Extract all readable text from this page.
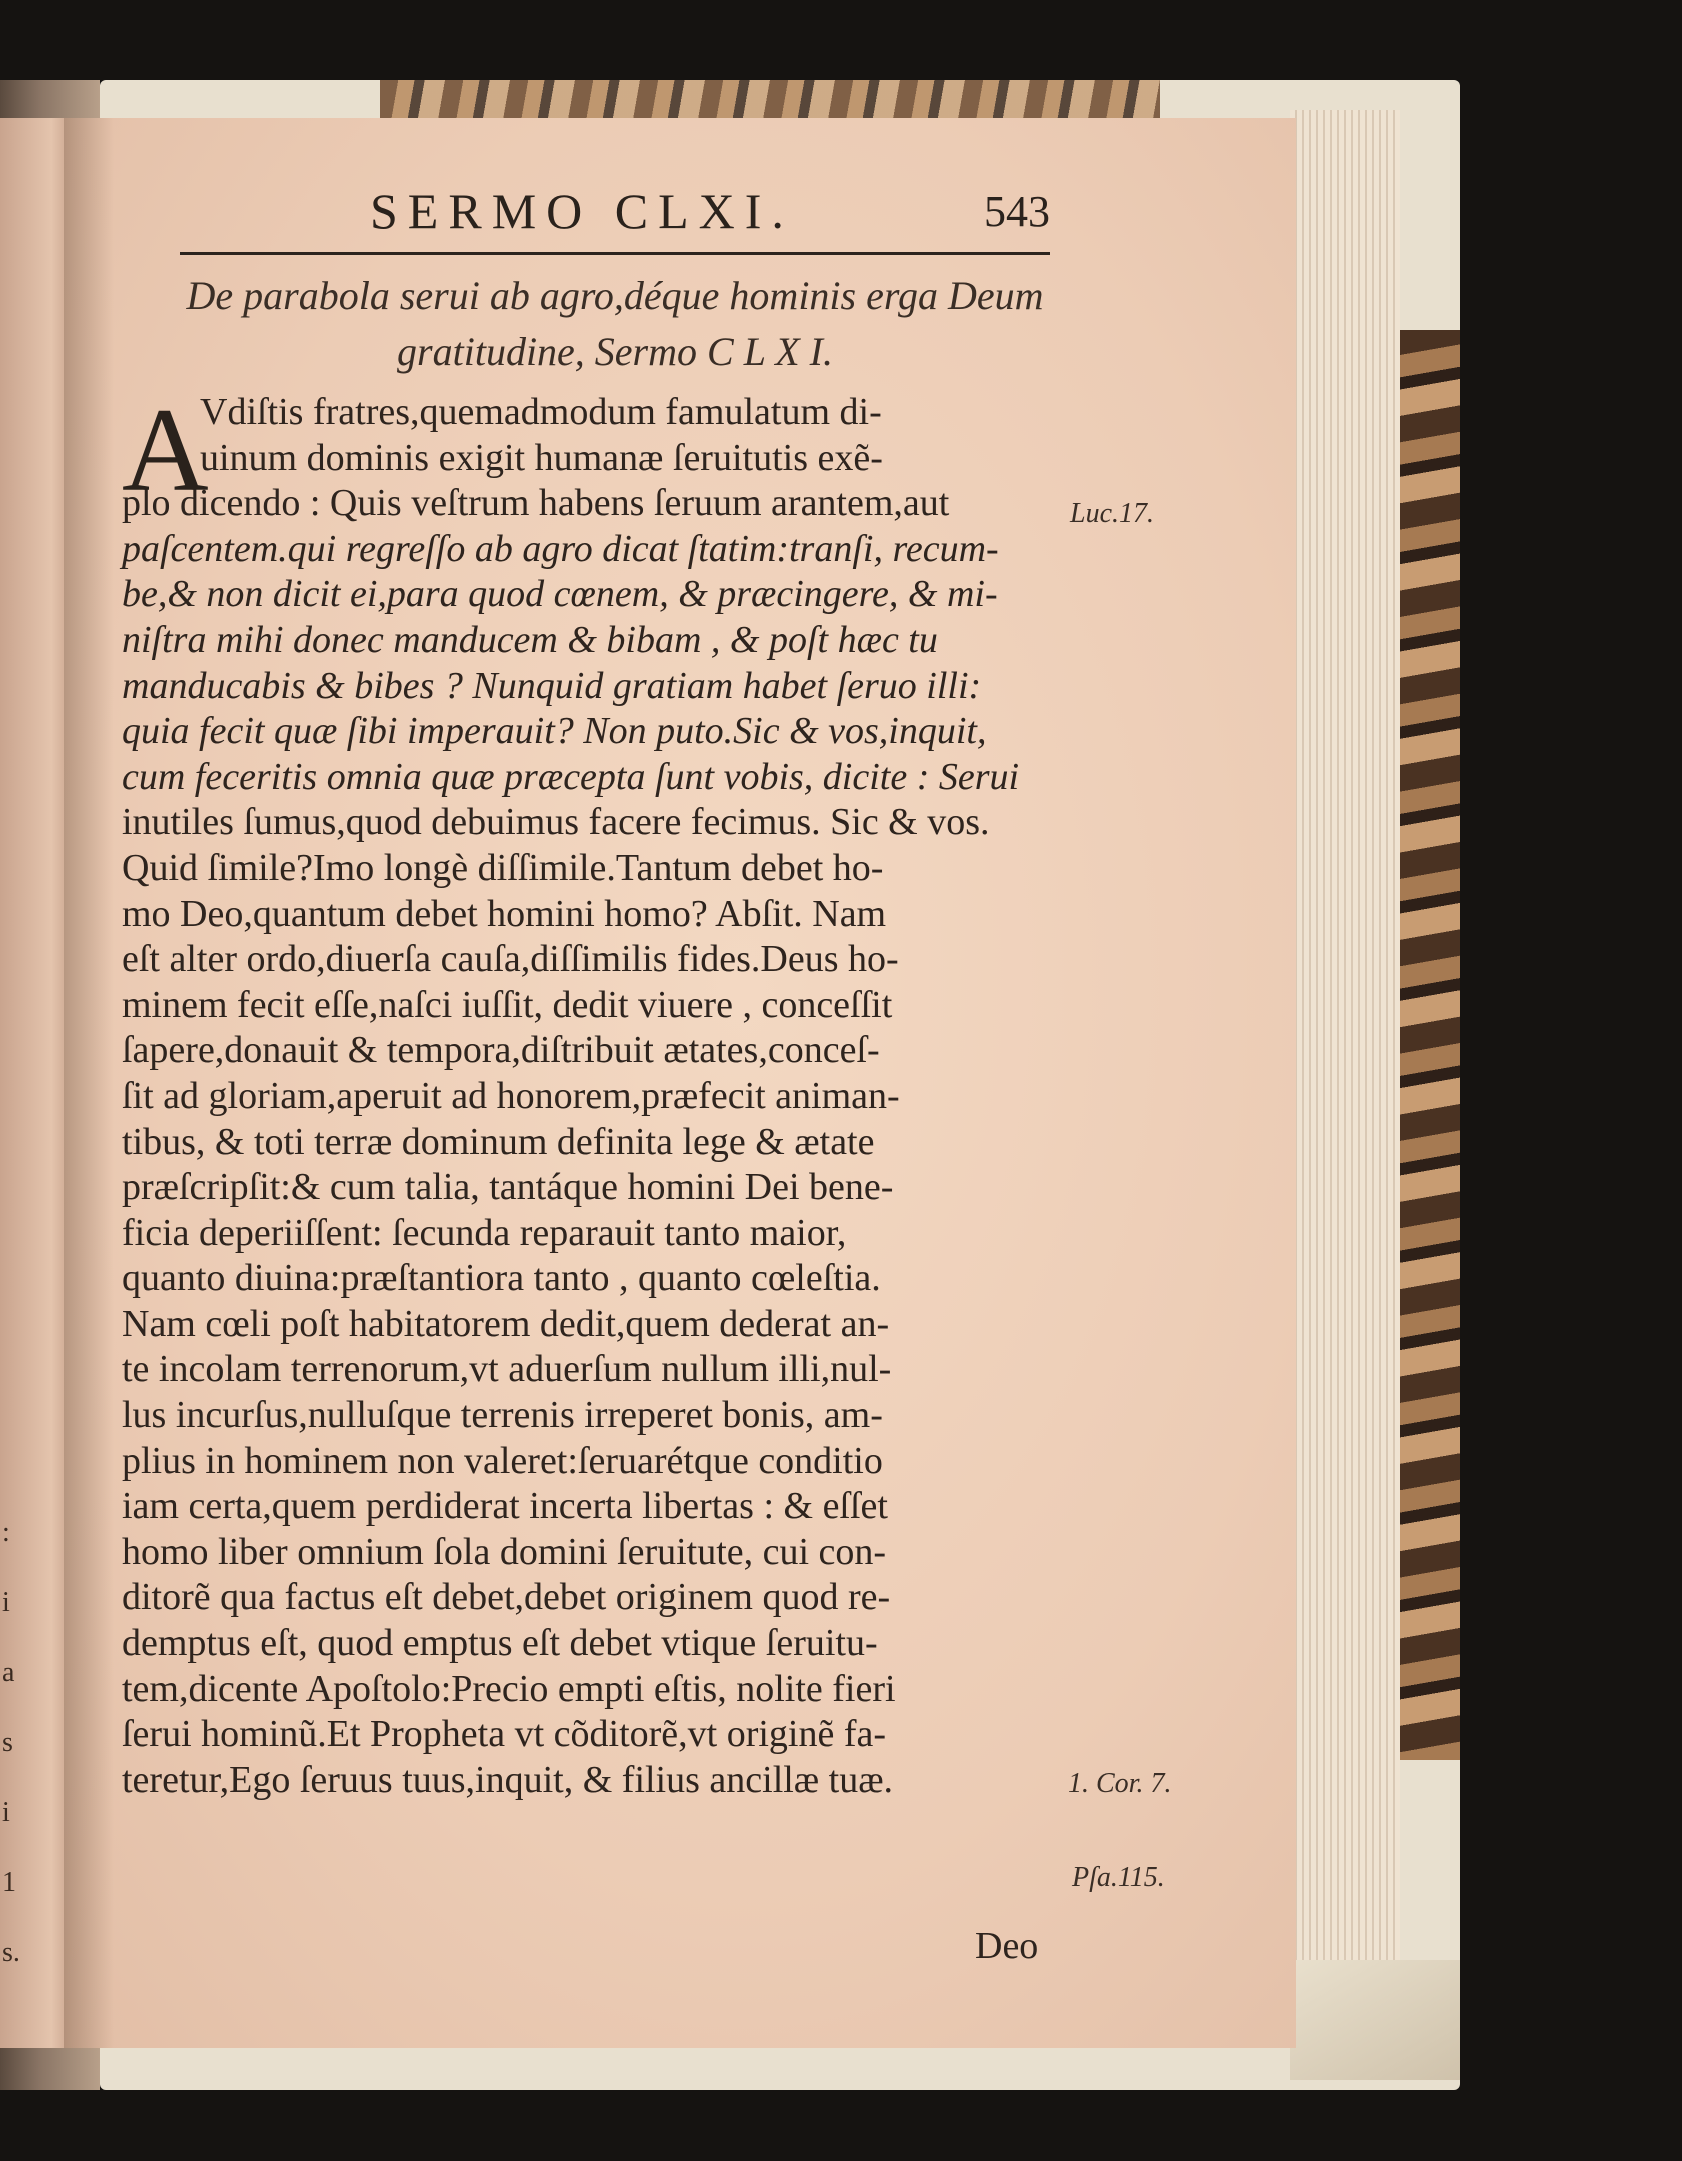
:
i
a
s
i
1
s.
SERMO CLXI.	543
De parabola serui ab agro,déque hominis erga Deum
gratitudine, Sermo C L X I.
A
Vdiſtis fratres,quemadmodum famulatum di-
uinum dominis exigit humanæ ſeruitutis exẽ-
plo dicendo : Quis veſtrum habens ſeruum arantem,aut
paſcentem.qui regreſſo ab agro dicat ſtatim:tranſi, recum-
be,& non dicit ei,para quod cœnem, & præcingere, & mi-
niſtra mihi donec manducem & bibam , & poſt hæc tu
manducabis & bibes ? Nunquid gratiam habet ſeruo illi:
quia fecit quæ ſibi imperauit? Non puto.Sic & vos,inquit,
cum feceritis omnia quæ præcepta ſunt vobis, dicite : Serui
inutiles ſumus,quod debuimus facere fecimus. Sic & vos.
Quid ſimile?Imo longè diſſimile.Tantum debet ho-
mo Deo,quantum debet homini homo? Abſit. Nam
eſt alter ordo,diuerſa cauſa,diſſimilis fides.Deus ho-
minem fecit eſſe,naſci iuſſit, dedit viuere , conceſſit
ſapere,donauit & tempora,diſtribuit ætates,conceſ-
ſit ad gloriam,aperuit ad honorem,præfecit animan-
tibus, & toti terræ dominum definita lege & ætate
præſcripſit:& cum talia, tantáque homini Dei bene-
ficia deperiiſſent: ſecunda reparauit tanto maior,
quanto diuina:præſtantiora tanto , quanto cœleſtia.
Nam cœli poſt habitatorem dedit,quem dederat an-
te incolam terrenorum,vt aduerſum nullum illi,nul-
lus incurſus,nulluſque terrenis irreperet bonis, am-
plius in hominem non valeret:ſeruarétque conditio
iam certa,quem perdiderat incerta libertas : & eſſet
homo liber omnium ſola domini ſeruitute, cui con-
ditorẽ qua factus eſt debet,debet originem quod re-
demptus eſt, quod emptus eſt debet vtique ſeruitu-
tem,dicente Apoſtolo:Precio empti eſtis, nolite fieri
ſerui hominũ.Et Propheta vt cõditorẽ,vt originẽ fa-
teretur,Ego ſeruus tuus,inquit, & filius ancillæ tuæ.
Deo
Luc.17.
1. Cor. 7.
Pſa.115.
